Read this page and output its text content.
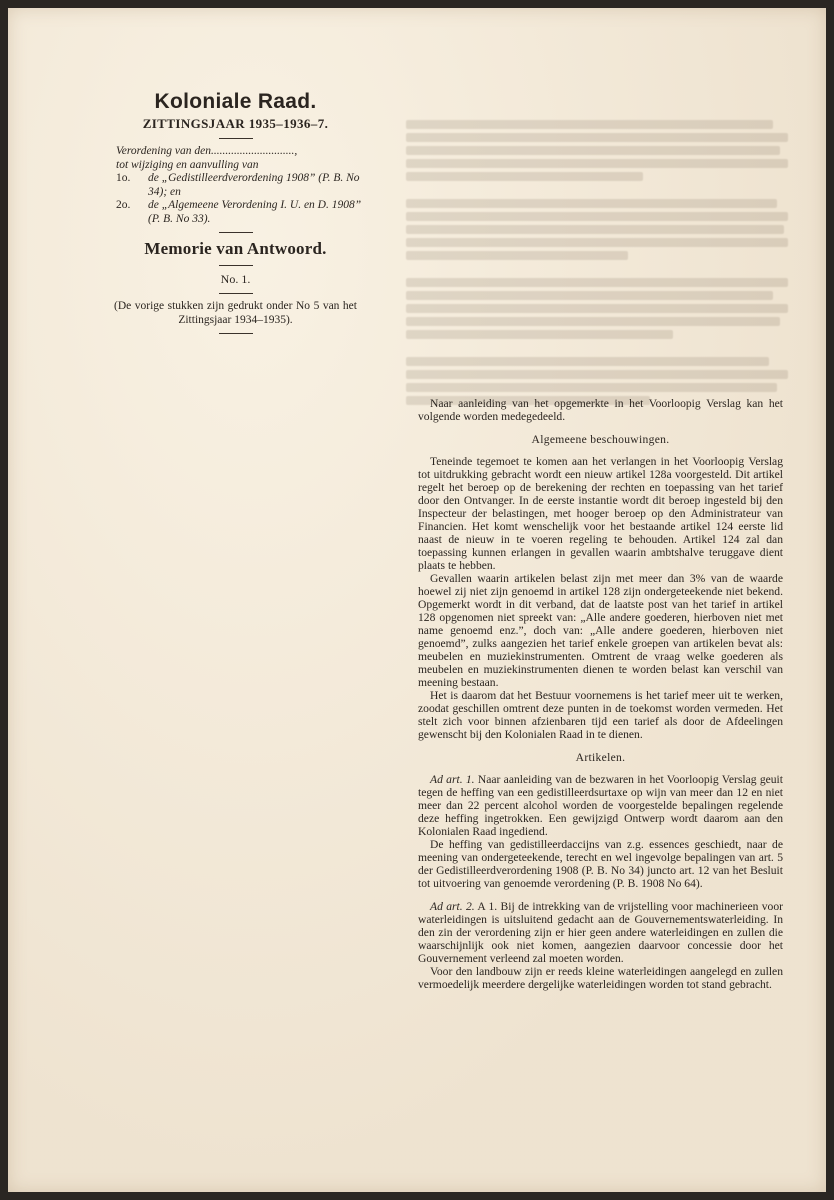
Koloniale Raad.

ZITTINGSJAAR 1935–1936–7.

Verordening van den.............................,
tot wijziging en aanvulling van
1o.	de „Gedistilleerdverordening 1908” (P. B. No 34); en
2o.	de „Algemeene Verordening I. U. en D. 1908” (P. B. No 33).
Memorie van Antwoord.

No. 1.

(De vorige stukken zijn gedrukt onder No 5 van het Zittingsjaar 1934–1935).

Naar aanleiding van het opgemerkte in het Voorloopig Verslag kan het volgende worden medegedeeld.

Algemeene beschouwingen.

Teneinde tegemoet te komen aan het verlangen in het Voorloopig Verslag tot uitdrukking gebracht wordt een nieuw artikel 128a voorgesteld. Dit artikel regelt het beroep op de berekening der rechten en toepassing van het tarief door den Ontvanger. In de eerste instantie wordt dit beroep ingesteld bij den Inspecteur der belastingen, met hooger beroep op den Administrateur van Financien. Het komt wenschelijk voor het bestaande artikel 124 eerste lid naast de nieuw in te voeren regeling te behouden. Artikel 124 zal dan toepassing kunnen erlangen in gevallen waarin ambtshalve teruggave dient plaats te hebben.

Gevallen waarin artikelen belast zijn met meer dan 3% van de waarde hoewel zij niet zijn genoemd in artikel 128 zijn ondergeteekende niet bekend. Opgemerkt wordt in dit verband, dat de laatste post van het tarief in artikel 128 opgenomen niet spreekt van: „Alle andere goederen, hierboven niet met name genoemd enz.”, doch van: „Alle andere goederen, hierboven niet genoemd”, zulks aangezien het tarief enkele groepen van artikelen bevat als: meubelen en muziekinstrumenten. Omtrent de vraag welke goederen als meubelen en muziekinstrumenten dienen te worden belast kan verschil van meening bestaan.

Het is daarom dat het Bestuur voornemens is het tarief meer uit te werken, zoodat geschillen omtrent deze punten in de toekomst worden vermeden. Het stelt zich voor binnen afzienbaren tijd een tarief als door de Afdeelingen gewenscht bij den Kolonialen Raad in te dienen.

Artikelen.

Ad art. 1. Naar aanleiding van de bezwaren in het Voorloopig Verslag geuit tegen de heffing van een gedistilleerdsurtaxe op wijn van meer dan 12 en niet meer dan 22 percent alcohol worden de voorgestelde bepalingen regelende deze heffing ingetrokken. Een gewijzigd Ontwerp wordt daarom aan den Kolonialen Raad ingediend.

De heffing van gedistilleerdaccijns van z.g. essences geschiedt, naar de meening van ondergeteekende, terecht en wel ingevolge bepalingen van art. 5 der Gedistilleerdverordening 1908 (P. B. No 34) juncto art. 12 van het Besluit tot uitvoering van genoemde verordening (P. B. 1908 No 64).

Ad art. 2. A 1. Bij de intrekking van de vrijstelling voor machinerieen voor waterleidingen is uitsluitend gedacht aan de Gouvernementswaterleiding. In den zin der verordening zijn er hier geen andere waterleidingen en zullen die waarschijnlijk ook niet komen, aangezien daarvoor concessie door het Gouvernement verleend zal moeten worden.

Voor den landbouw zijn er reeds kleine waterleidingen aangelegd en zullen vermoedelijk meerdere dergelijke waterleidingen worden tot stand gebracht.
